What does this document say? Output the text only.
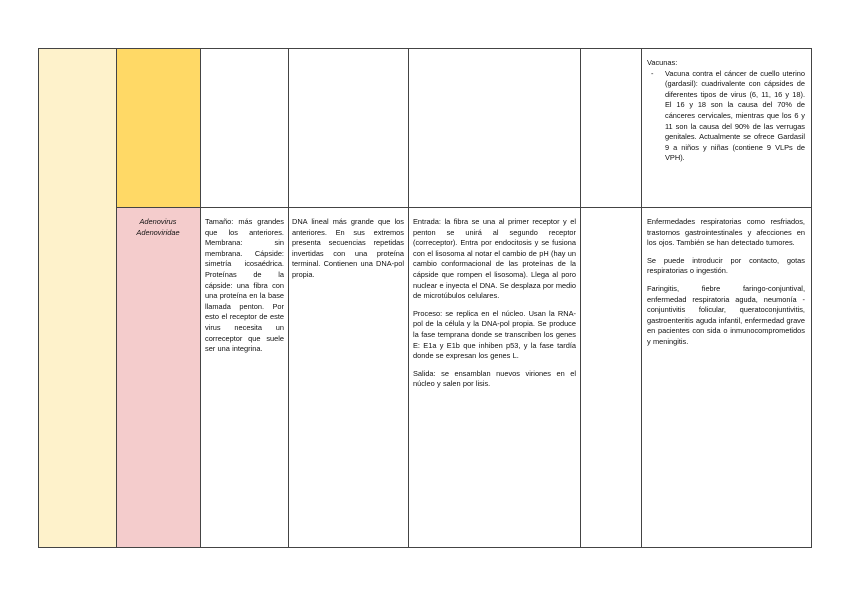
Vacunas:

- Vacuna contra el cáncer de cuello uterino (gardasil): cuadrivalente con cápsides de diferentes tipos de virus (6, 11, 16 y 18). El 16 y 18 son la causa del 70% de cánceres cervicales, mientras que los 6 y 11 son la causa del 90% de las verrugas genitales. Actualmente se ofrece Gardasil 9 a niños y niñas (contiene 9 VLPs de VPH).
Adenovirus
Adenoviridae

Tamaño: más grandes que los anteriores. Membrana: sin membrana. Cápside: simetría icosaédrica. Proteínas de la cápside: una fibra con una proteína en la base llamada penton. Por esto el receptor de este virus necesita un correceptor que suele ser una integrina.

DNA lineal más grande que los anteriores. En sus extremos presenta secuencias repetidas invertidas con una proteína terminal. Contienen una DNA-pol propia.

Entrada: la fibra se una al primer receptor y el penton se unirá al segundo receptor (correceptor). Entra por endocitosis y se fusiona con el lisosoma al notar el cambio de pH (hay un cambio conformacional de las proteínas de la cápside que rompen el lisosoma). Llega al poro nuclear e inyecta el DNA. Se desplaza por medio de microtúbulos celulares.

Proceso: se replica en el núcleo. Usan la RNA-pol de la célula y la DNA-pol propia. Se produce la fase temprana donde se transcriben los genes E: E1a y E1b que inhiben p53, y la fase tardía donde se expresan los genes L.

Salida: se ensamblan nuevos viriones en el núcleo y salen por lisis.

Enfermedades respiratorias como resfriados, trastornos gastrointestinales y afecciones en los ojos. También se han detectado tumores.

Se puede introducir por contacto, gotas respiratorias o ingestión.

Faringitis, fiebre faringo-conjuntival, enfermedad respiratoria aguda, neumonía - conjuntivitis folicular, queratoconjuntivitis, gastroenteritis aguda infantil, enfermedad grave en pacientes con sida o inmunocomprometidos y meningitis.
